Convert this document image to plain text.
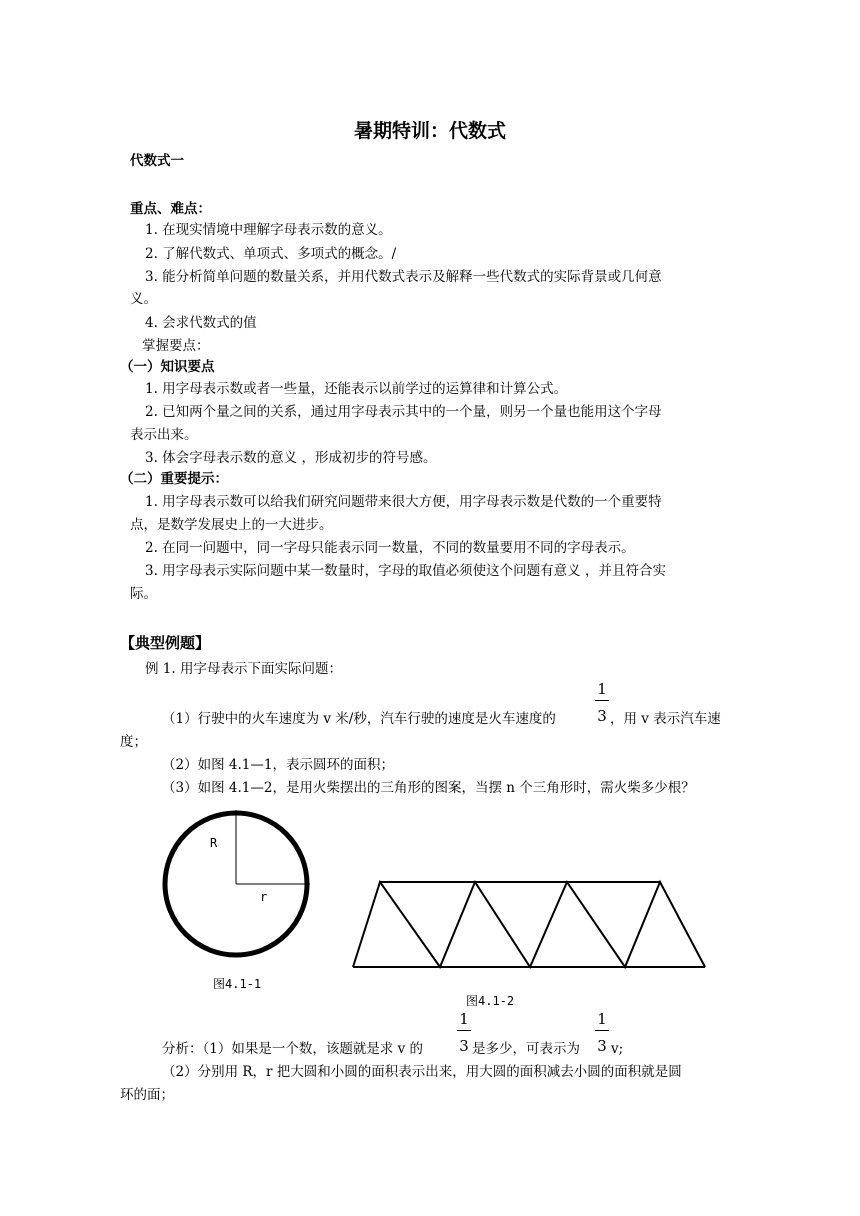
暑期特训：代数式
代数式一
重点、难点：
1. 在现实情境中理解字母表示数的意义。
2. 了解代数式、单项式、多项式的概念。/
3. 能分析简单问题的数量关系，并用代数式表示及解释一些代数式的实际背景或几何意
义。
4. 会求代数式的值
掌握要点：
（一）知识要点
1. 用字母表示数或者一些量，还能表示以前学过的运算律和计算公式。
2. 已知两个量之间的关系，通过用字母表示其中的一个量，则另一个量也能用这个字母
表示出来。
3. 体会字母表示数的意义 ，形成初步的符号感。
（二）重要提示：
1. 用字母表示数可以给我们研究问题带来很大方便，用字母表示数是代数的一个重要特
点，是数学发展史上的一大进步。
2. 在同一问题中，同一字母只能表示同一数量，不同的数量要用不同的字母表示。
3. 用字母表示实际问题中某一数量时，字母的取值必须使这个问题有意义 ，并且符合实
际。
【典型例题】
例 1. 用字母表示下面实际问题：
（1）行驶中的火车速度为 v 米/秒，汽车行驶的速度是火车速度的
1
3 ，用 v 表示汽车速
度；
（2）如图 4.1—1，表示圆环的面积；
（3）如图 4.1—2，是用火柴摆出的三角形的图案，当摆 n 个三角形时，需火柴多少根？
R
r
图4.1-1
图4.1-2
分析：（1）如果是一个数，该题就是求 v 的
1
3 是多少，可表示为
1
3 v;
（2）分别用 R，r 把大圆和小圆的面积表示出来，用大圆的面积减去小圆的面积就是圆
环的面；
